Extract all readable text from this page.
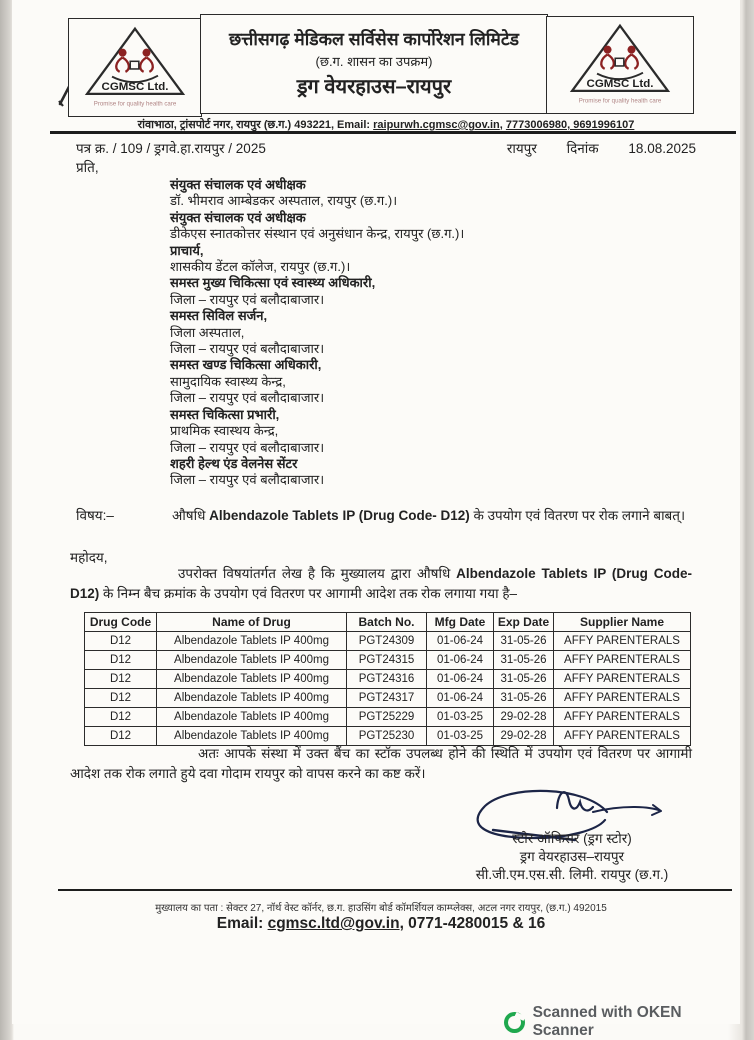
CGMSC Ltd.
Promise for quality health care
छत्तीसगढ़ मेडिकल सर्विसेस कार्पोरेशन लिमिटेड
(छ.ग. शासन का उपक्रम)
ड्रग वेयरहाउस–रायपुर	CGMSC Ltd.
Promise for quality health care
रांवाभाठा, ट्रांसपोर्ट नगर, रायपुर (छ.ग.) 493221, Email: raipurwh.cgmsc@gov.in, 7773006980, 9691996107
पत्र क्र. / 109 / ड्रगवे.हा.रायपुर / 2025	रायपुर दिनांक 18.08.2025
प्रति,
संयुक्त संचालक एवं अधीक्षक
डॉ. भीमराव आम्बेडकर अस्पताल, रायपुर (छ.ग.)।
संयुक्त संचालक एवं अधीक्षक
डीकेएस स्नातकोत्तर संस्थान एवं अनुसंधान केन्द्र, रायपुर (छ.ग.)।
प्राचार्य,
शासकीय डेंटल कॉलेज, रायपुर (छ.ग.)।
समस्त मुख्य चिकित्सा एवं स्वास्थ्य अधिकारी,
जिला – रायपुर एवं बलौदाबाजार।
समस्त सिविल सर्जन,
जिला अस्पताल,
जिला – रायपुर एवं बलौदाबाजार।
समस्त खण्ड चिकित्सा अधिकारी,
सामुदायिक स्वास्थ्य केन्द्र,
जिला – रायपुर एवं बलौदाबाजार।
समस्त चिकित्सा प्रभारी,
प्राथमिक स्वास्थय केन्द्र,
जिला – रायपुर एवं बलौदाबाजार।
शहरी हेल्थ एंड वेलनेस सेंटर
जिला – रायपुर एवं बलौदाबाजार।
विषय:–	औषधि Albendazole Tablets IP (Drug Code- D12) के उपयोग एवं वितरण पर रोक लगाने बाबत्।
महोदय,
उपरोक्त विषयांतर्गत लेख है कि मुख्यालय द्वारा औषधि Albendazole Tablets IP (Drug Code- D12) के निम्न बैच क्रमांक के उपयोग एवं वितरण पर आगामी आदेश तक रोक लगाया गया है–
Drug Code	Name of Drug	Batch No.	Mfg Date	Exp Date	Supplier Name
D12	Albendazole Tablets IP 400mg	PGT24309	01-06-24	31-05-26	AFFY PARENTERALS
D12	Albendazole Tablets IP 400mg	PGT24315	01-06-24	31-05-26	AFFY PARENTERALS
D12	Albendazole Tablets IP 400mg	PGT24316	01-06-24	31-05-26	AFFY PARENTERALS
D12	Albendazole Tablets IP 400mg	PGT24317	01-06-24	31-05-26	AFFY PARENTERALS
D12	Albendazole Tablets IP 400mg	PGT25229	01-03-25	29-02-28	AFFY PARENTERALS
D12	Albendazole Tablets IP 400mg	PGT25230	01-03-25	29-02-28	AFFY PARENTERALS
अतः आपके संस्था में उक्त बैंच का स्टॉक उपलब्ध होने की स्थिति में उपयोग एवं वितरण पर आगामी आदेश तक रोक लगाते हुये दवा गोदाम रायपुर को वापस करने का कष्ट करें।
स्टोर ऑफिसर (ड्रग स्टोर)
ड्रग वेयरहाउस–रायपुर
सी.जी.एम.एस.सी. लिमी. रायपुर (छ.ग.)
मुख्यालय का पता : सेक्टर 27, नॉर्थ वेस्ट कॉर्नर, छ.ग. हाउसिंग बोर्ड कॉमर्शियल काम्प्लेक्स, अटल नगर रायपुर, (छ.ग.) 492015
Email: cgmsc.ltd@gov.in, 0771-4280015 & 16
Scanned with OKEN Scanner
